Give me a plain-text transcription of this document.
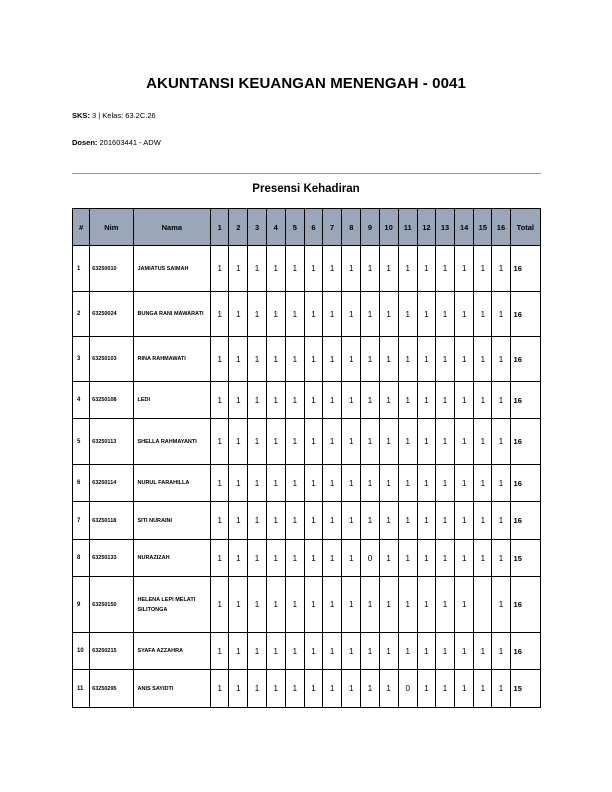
AKUNTANSI KEUANGAN MENENGAH - 0041
SKS: 3 | Kelas: 63.2C.26
Dosen: 201603441 - ADW
Presensi Kehadiran
#	Nim	Nama	1	2	3	4	5	6	7	8	9	10	11	12	13	14	15	16	Total
1	63250010	JAMIATUS SAIMAH	1	1	1	1	1	1	1	1	1	1	1	1	1	1	1	1	16
2	63250024	BUNGA RANI MAWARATI	1	1	1	1	1	1	1	1	1	1	1	1	1	1	1	1	16
3	63250103	RINA RAHMAWATI	1	1	1	1	1	1	1	1	1	1	1	1	1	1	1	1	16
4	63250108	LEDI	1	1	1	1	1	1	1	1	1	1	1	1	1	1	1	1	16
5	63250113	SHELLA RAHMAYANTI	1	1	1	1	1	1	1	1	1	1	1	1	1	1	1	1	16
6	63250114	NURUL FARAHILLA	1	1	1	1	1	1	1	1	1	1	1	1	1	1	1	1	16
7	63250118	SITI NURAINI	1	1	1	1	1	1	1	1	1	1	1	1	1	1	1	1	16
8	63250133	NURAZIZAH	1	1	1	1	1	1	1	1	0	1	1	1	1	1	1	1	15
9	63250150	HELENA LEPI MELATI SILITONGA	1	1	1	1	1	1	1	1	1	1	1	1	1	1		1	16
10	63250215	SYAFA AZZAHRA	1	1	1	1	1	1	1	1	1	1	1	1	1	1	1	1	16
11	63250295	ANIS SAYIDTI	1	1	1	1	1	1	1	1	1	1	0	1	1	1	1	1	15
